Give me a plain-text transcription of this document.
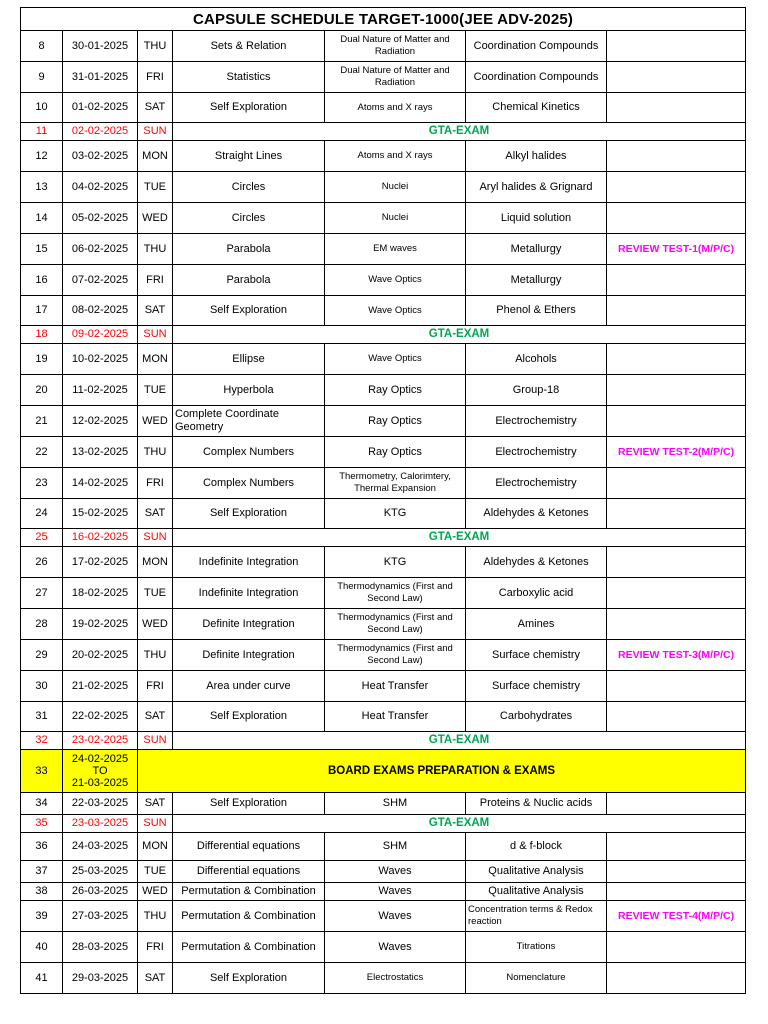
CAPSULE SCHEDULE TARGET-1000(JEE ADV-2025)						
8	30-01-2025	THU	Sets & Relation	Dual Nature of Matter and Radiation	Coordination Compounds	
9	31-01-2025	FRI	Statistics	Dual Nature of Matter and Radiation	Coordination Compounds	
10	01-02-2025	SAT	Self Exploration	Atoms and X rays	Chemical Kinetics	
11	02-02-2025	SUN	GTA-EXAM			
12	03-02-2025	MON	Straight Lines	Atoms and X rays	Alkyl halides	
13	04-02-2025	TUE	Circles	Nuclei	Aryl halides & Grignard	
14	05-02-2025	WED	Circles	Nuclei	Liquid solution	
15	06-02-2025	THU	Parabola	EM waves	Metallurgy	REVIEW TEST-1(M/P/C)
16	07-02-2025	FRI	Parabola	Wave Optics	Metallurgy	
17	08-02-2025	SAT	Self Exploration	Wave Optics	Phenol & Ethers	
18	09-02-2025	SUN	GTA-EXAM			
19	10-02-2025	MON	Ellipse	Wave Optics	Alcohols	
20	11-02-2025	TUE	Hyperbola	Ray Optics	Group-18	
21	12-02-2025	WED	Complete Coordinate Geometry	Ray Optics	Electrochemistry	
22	13-02-2025	THU	Complex Numbers	Ray Optics	Electrochemistry	REVIEW TEST-2(M/P/C)
23	14-02-2025	FRI	Complex Numbers	Thermometry, Calorimtery, Thermal Expansion	Electrochemistry	
24	15-02-2025	SAT	Self Exploration	KTG	Aldehydes & Ketones	
25	16-02-2025	SUN	GTA-EXAM			
26	17-02-2025	MON	Indefinite Integration	KTG	Aldehydes & Ketones	
27	18-02-2025	TUE	Indefinite Integration	Thermodynamics (First and Second Law)	Carboxylic acid	
28	19-02-2025	WED	Definite Integration	Thermodynamics (First and Second Law)	Amines	
29	20-02-2025	THU	Definite Integration	Thermodynamics (First and Second Law)	Surface chemistry	REVIEW TEST-3(M/P/C)
30	21-02-2025	FRI	Area under curve	Heat Transfer	Surface chemistry	
31	22-02-2025	SAT	Self Exploration	Heat Transfer	Carbohydrates	
32	23-02-2025	SUN	GTA-EXAM			
33	24-02-2025
TO
21-03-2025	BOARD EXAMS PREPARATION & EXAMS				
34	22-03-2025	SAT	Self Exploration	SHM	Proteins & Nuclic acids	
35	23-03-2025	SUN	GTA-EXAM			
36	24-03-2025	MON	Differential equations	SHM	d & f-block	
37	25-03-2025	TUE	Differential equations	Waves	Qualitative Analysis	
38	26-03-2025	WED	Permutation & Combination	Waves	Qualitative Analysis	
39	27-03-2025	THU	Permutation & Combination	Waves	Concentration terms & Redox reaction	REVIEW TEST-4(M/P/C)
40	28-03-2025	FRI	Permutation & Combination	Waves	Titrations	
41	29-03-2025	SAT	Self Exploration	Electrostatics	Nomenclature	
